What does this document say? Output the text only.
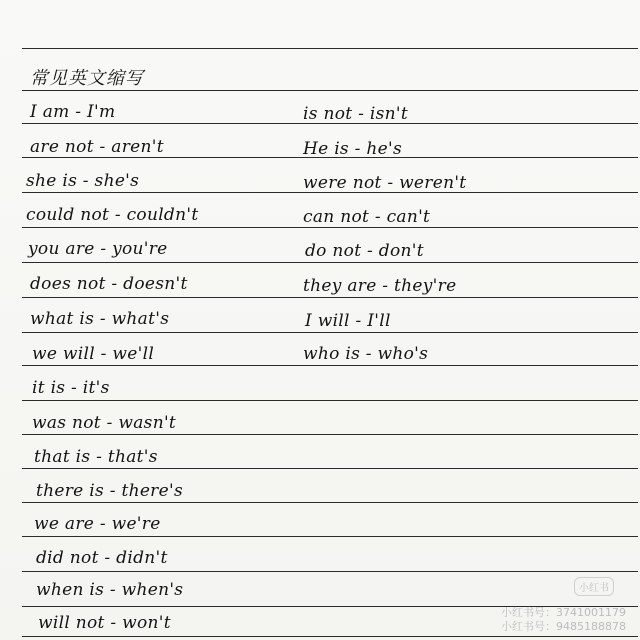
常见英文缩写
I am - I'm
are not - aren't
she is - she's
could not - couldn't
you are - you're
does not - doesn't
what is - what's
we will - we'll
it is - it's
was not - wasn't
that is - that's
there is - there's
we are - we're
did not - didn't
when is - when's
will not - won't
is not - isn't
He is - he's
were not - weren't
can not - can't
do not - don't
they are - they're
I will - I'll
who is - who's
小红书
小红书号：3741001179
小红书号：9485188878
